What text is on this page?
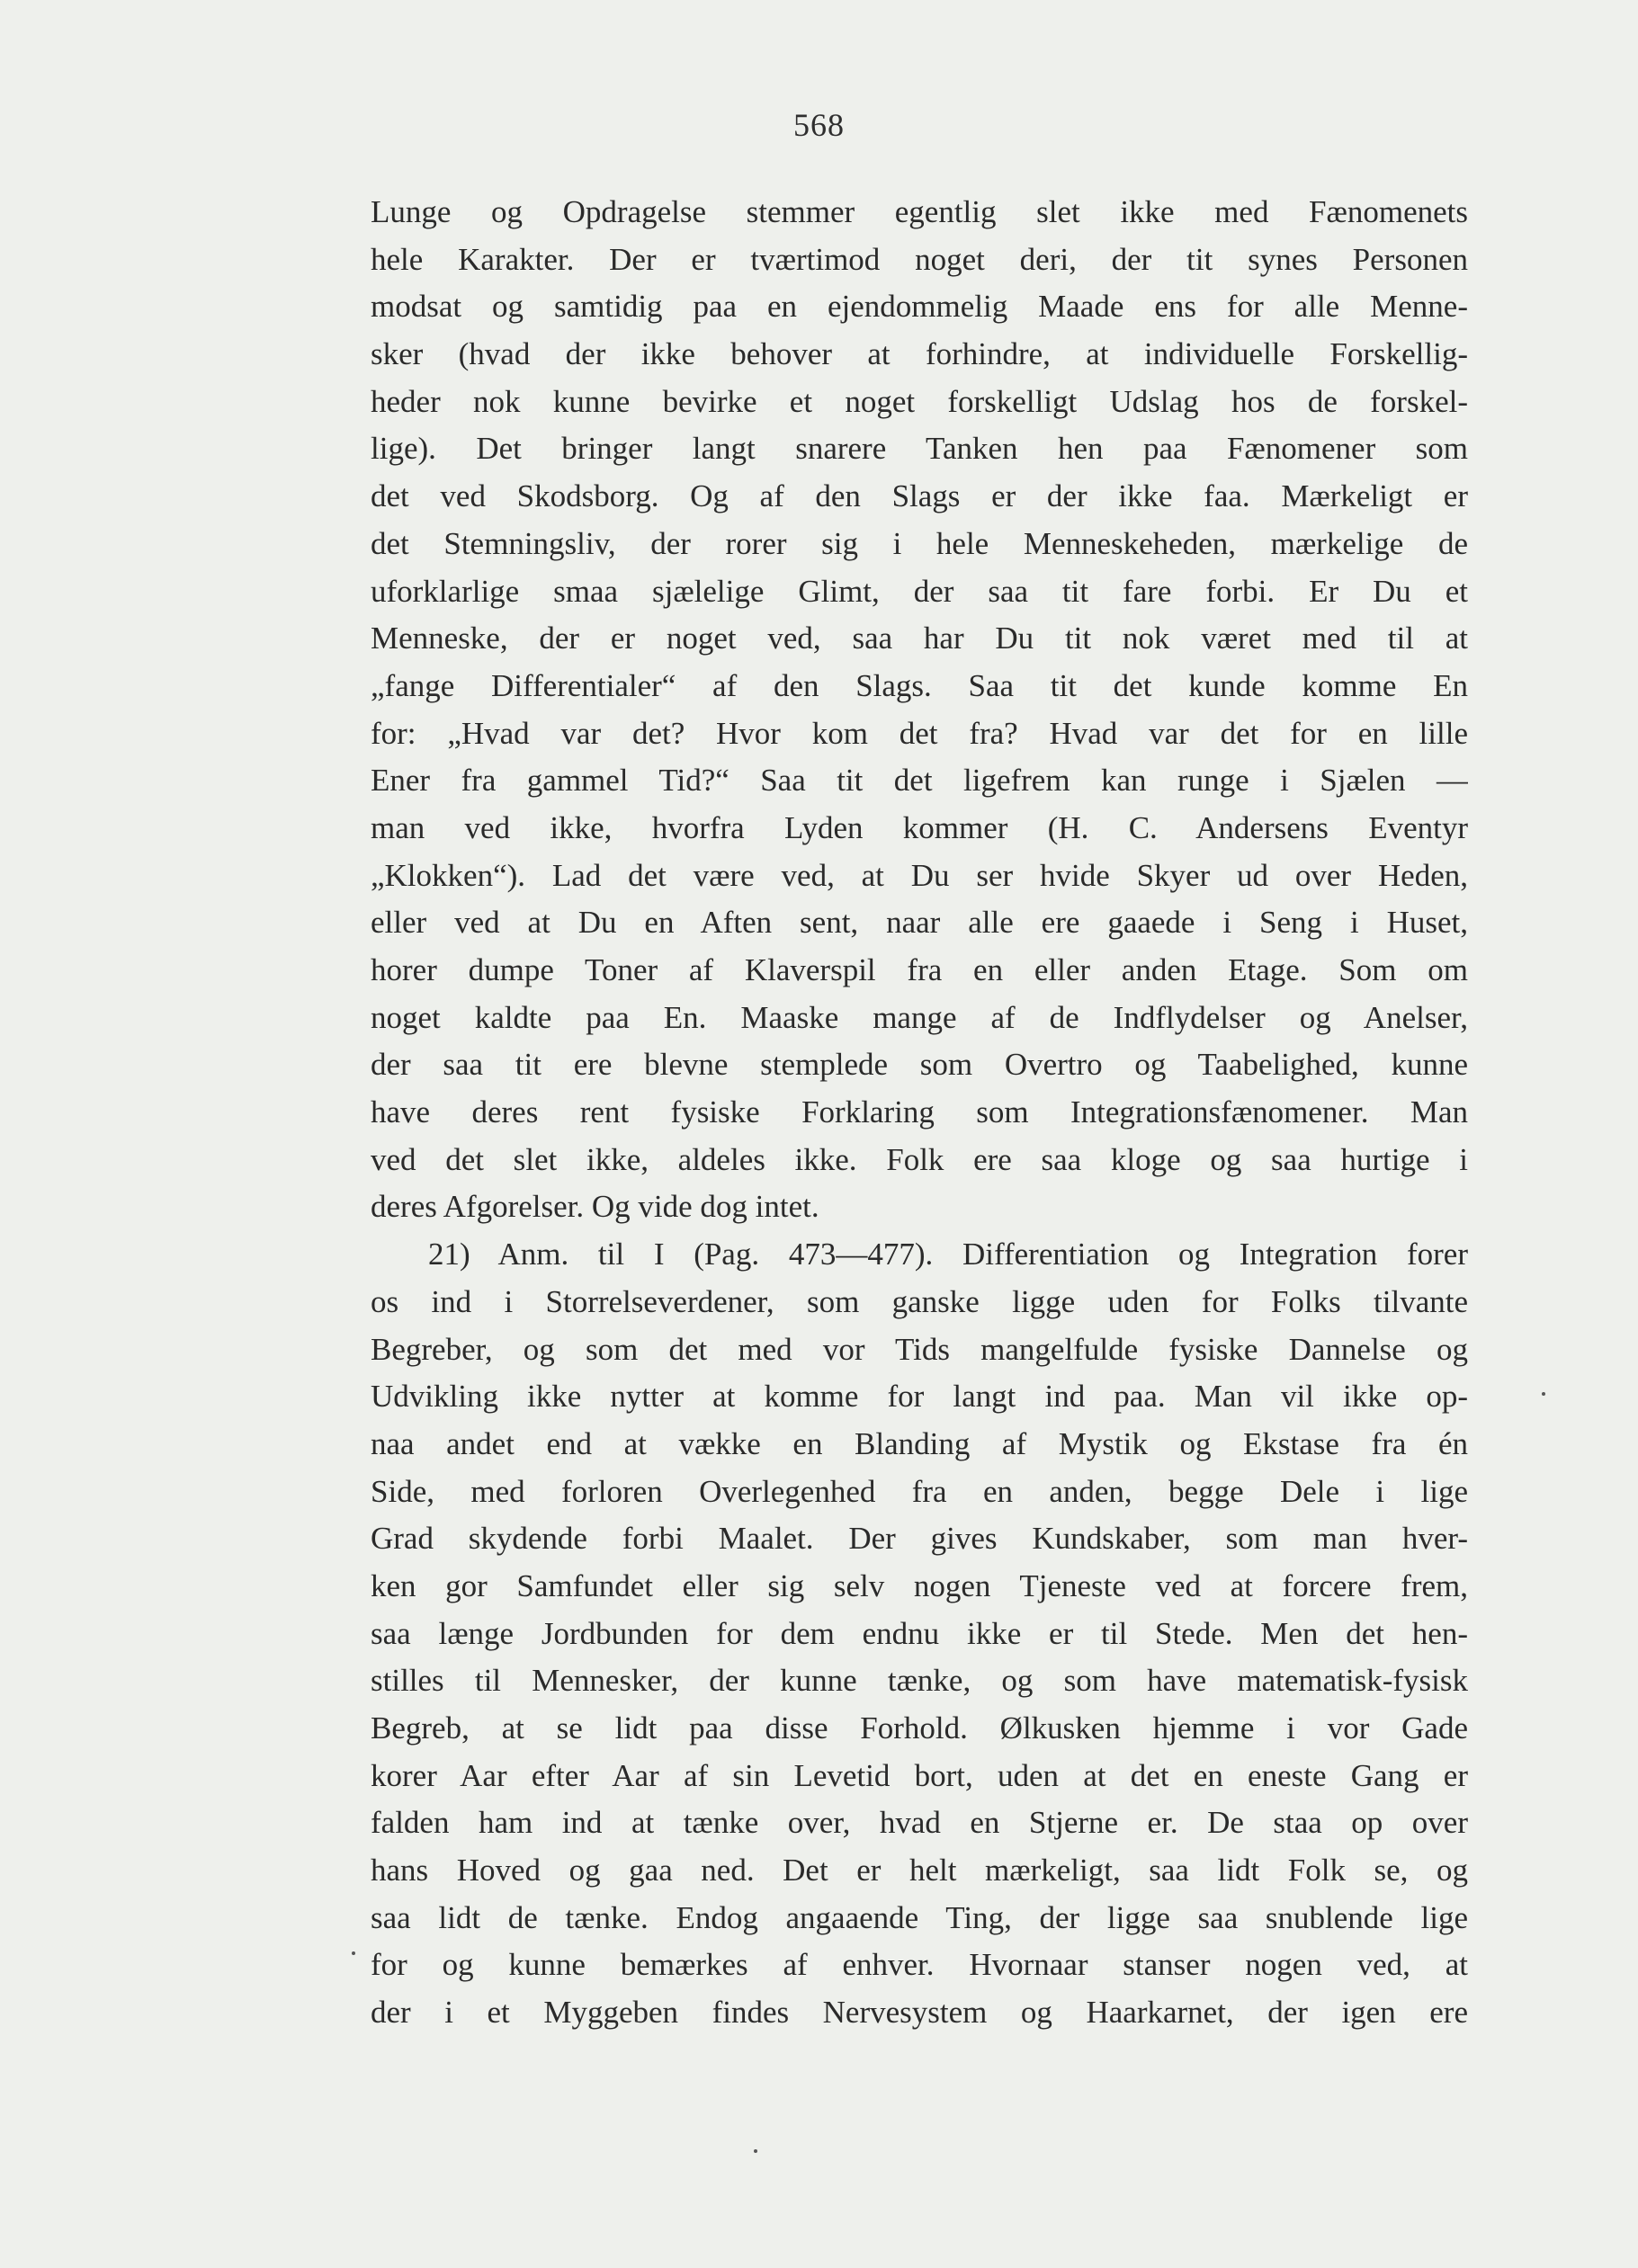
568
Lunge og Opdragelse stemmer egentlig slet ikke med Fænomenets
hele Karakter. Der er tværtimod noget deri, der tit synes Personen
modsat og samtidig paa en ejendommelig Maade ens for alle Menne-
sker (hvad der ikke behover at forhindre, at individuelle Forskellig-
heder nok kunne bevirke et noget forskelligt Udslag hos de forskel-
lige). Det bringer langt snarere Tanken hen paa Fænomener som
det ved Skodsborg. Og af den Slags er der ikke faa. Mærkeligt er
det Stemningsliv, der rorer sig i hele Menneskeheden, mærkelige de
uforklarlige smaa sjælelige Glimt, der saa tit fare forbi. Er Du et
Menneske, der er noget ved, saa har Du tit nok været med til at
„fange Differentialer“ af den Slags. Saa tit det kunde komme En
for: „Hvad var det? Hvor kom det fra? Hvad var det for en lille
Ener fra gammel Tid?“ Saa tit det ligefrem kan runge i Sjælen —
man ved ikke, hvorfra Lyden kommer (H. C. Andersens Eventyr
„Klokken“). Lad det være ved, at Du ser hvide Skyer ud over Heden,
eller ved at Du en Aften sent, naar alle ere gaaede i Seng i Huset,
horer dumpe Toner af Klaverspil fra en eller anden Etage. Som om
noget kaldte paa En. Maaske mange af de Indflydelser og Anelser,
der saa tit ere blevne stemplede som Overtro og Taabelighed, kunne
have deres rent fysiske Forklaring som Integrationsfænomener. Man
ved det slet ikke, aldeles ikke. Folk ere saa kloge og saa hurtige i
deres Afgorelser. Og vide dog intet.
21) Anm. til I (Pag. 473—477). Differentiation og Integration forer
os ind i Storrelseverdener, som ganske ligge uden for Folks tilvante
Begreber, og som det med vor Tids mangelfulde fysiske Dannelse og
Udvikling ikke nytter at komme for langt ind paa. Man vil ikke op-
naa andet end at vække en Blanding af Mystik og Ekstase fra én
Side, med forloren Overlegenhed fra en anden, begge Dele i lige
Grad skydende forbi Maalet. Der gives Kundskaber, som man hver-
ken gor Samfundet eller sig selv nogen Tjeneste ved at forcere frem,
saa længe Jordbunden for dem endnu ikke er til Stede. Men det hen-
stilles til Mennesker, der kunne tænke, og som have matematisk-fysisk
Begreb, at se lidt paa disse Forhold. Ølkusken hjemme i vor Gade
korer Aar efter Aar af sin Levetid bort, uden at det en eneste Gang er
falden ham ind at tænke over, hvad en Stjerne er. De staa op over
hans Hoved og gaa ned. Det er helt mærkeligt, saa lidt Folk se, og
saa lidt de tænke. Endog angaaende Ting, der ligge saa snublende lige
for og kunne bemærkes af enhver. Hvornaar stanser nogen ved, at
der i et Myggeben findes Nervesystem og Haarkarnet, der igen ere
